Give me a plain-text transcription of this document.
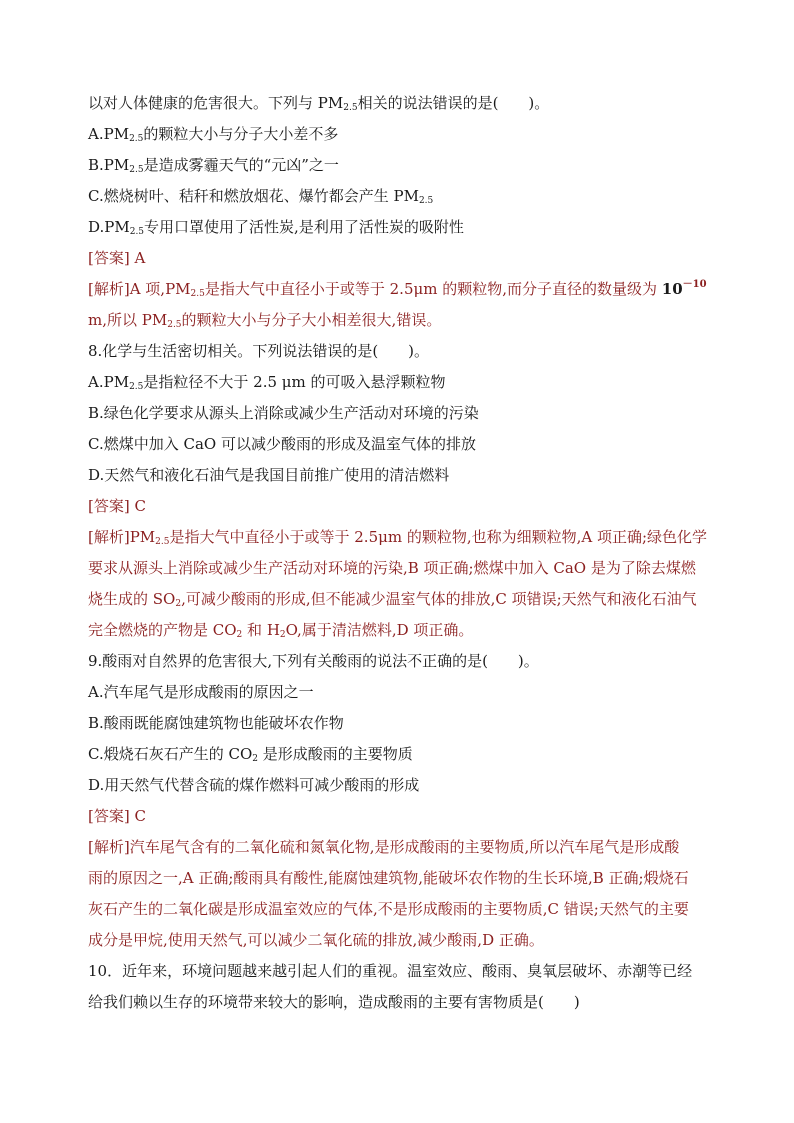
以对人体健康的危害很大。下列与 $PM_{2.5}$相关的说法错误的是(　　)。
$A.PM_{2.5}$的颗粒大小与分子大小差不多
$B.PM_{2.5}$是造成雾霾天气的“元凶”之一
C.燃烧树叶、秸秆和燃放烟花、爆竹都会产生 $PM_{2.5}$
$D.PM_{2.5}$专用口罩使用了活性炭,是利用了活性炭的吸附性
[答案] A
[解析]A 项$,PM_{2.5}$是指大气中直径小于或等于 2.5μm 的颗粒物,而分子直径的数量级为 $10^{-10}$
m,所以 $PM_{2.5}$的颗粒大小与分子大小相差很大,错误。
8.化学与生活密切相关。下列说法错误的是(　　)。
$A.PM_{2.5}$是指粒径不大于 2.5 μm 的可吸入悬浮颗粒物
B.绿色化学要求从源头上消除或减少生产活动对环境的污染
C.燃煤中加入 CaO 可以减少酸雨的形成及温室气体的排放
D.天然气和液化石油气是我国目前推广使用的清洁燃料
[答案] C
[解析]$PM_{2.5}$是指大气中直径小于或等于 2.5μm 的颗粒物,也称为细颗粒物,A 项正确;绿色化学
要求从源头上消除或减少生产活动对环境的污染,B 项正确;燃煤中加入 CaO 是为了除去煤燃
烧生成的 $SO_2$,可减少酸雨的形成,但不能减少温室气体的排放,C 项错误;天然气和液化石油气
完全燃烧的产物是 $CO_2$ 和 $H_2O$,属于清洁燃料,D 项正确。
9.酸雨对自然界的危害很大,下列有关酸雨的说法不正确的是(　　)。
A.汽车尾气是形成酸雨的原因之一
B.酸雨既能腐蚀建筑物也能破坏农作物
C.煅烧石灰石产生的 $CO_2$ 是形成酸雨的主要物质
D.用天然气代替含硫的煤作燃料可减少酸雨的形成
[答案] C
[解析]汽车尾气含有的二氧化硫和氮氧化物,是形成酸雨的主要物质,所以汽车尾气是形成酸
雨的原因之一,A 正确;酸雨具有酸性,能腐蚀建筑物,能破坏农作物的生长环境,B 正确;煅烧石
灰石产生的二氧化碳是形成温室效应的气体,不是形成酸雨的主要物质,C 错误;天然气的主要
成分是甲烷,使用天然气,可以减少二氧化硫的排放,减少酸雨,D 正确。
10．近年来，环境问题越来越引起人们的重视。温室效应、酸雨、臭氧层破坏、赤潮等已经
给我们赖以生存的环境带来较大的影响，造成酸雨的主要有害物质是(　　)
